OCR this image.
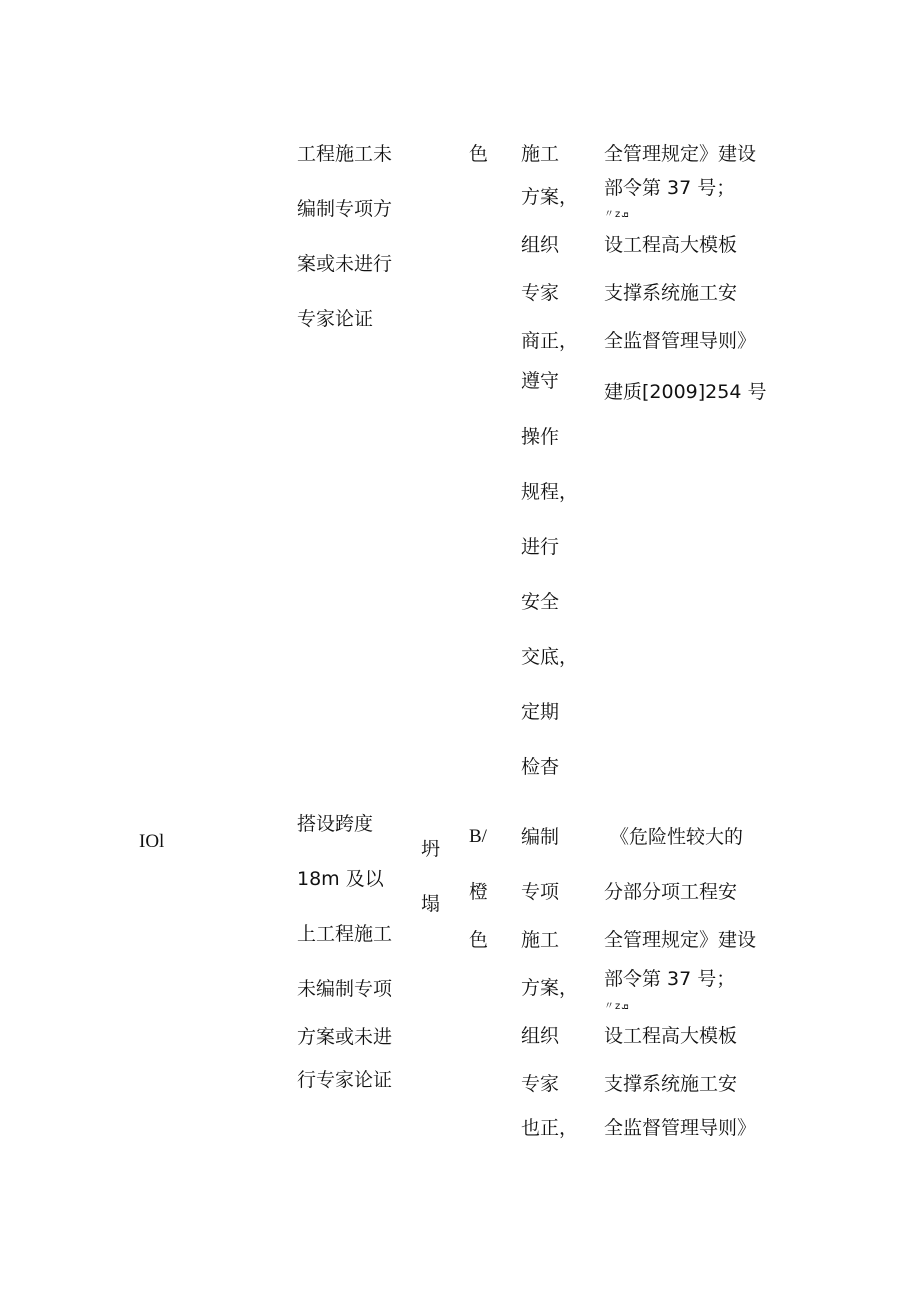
工程施工未
编制专项方
案或未进行
专家论证
色 施工
方案，
组织
专家
商正，
遵守
操作
规程，
进行
安全
交底，
定期
检杳
全管理规定》建设
部令第 37 号；
〃zܩ
设工程高大模板
支撑系统施工安
全监督管理导则》
建质[2009]254 号
IOl
搭设跨度
18m 及以
上工程施工
未编制专项
方案或未进
行专家论证
坍
塌
B/
橙
色
编制
专项
施工
方案，
组织
专家
也正，
《危险性较大的
分部分项工程安
全管理规定》建设
部令第 37 号；
〃zܩ
设工程高大模板
支撑系统施工安
全监督管理导则》
